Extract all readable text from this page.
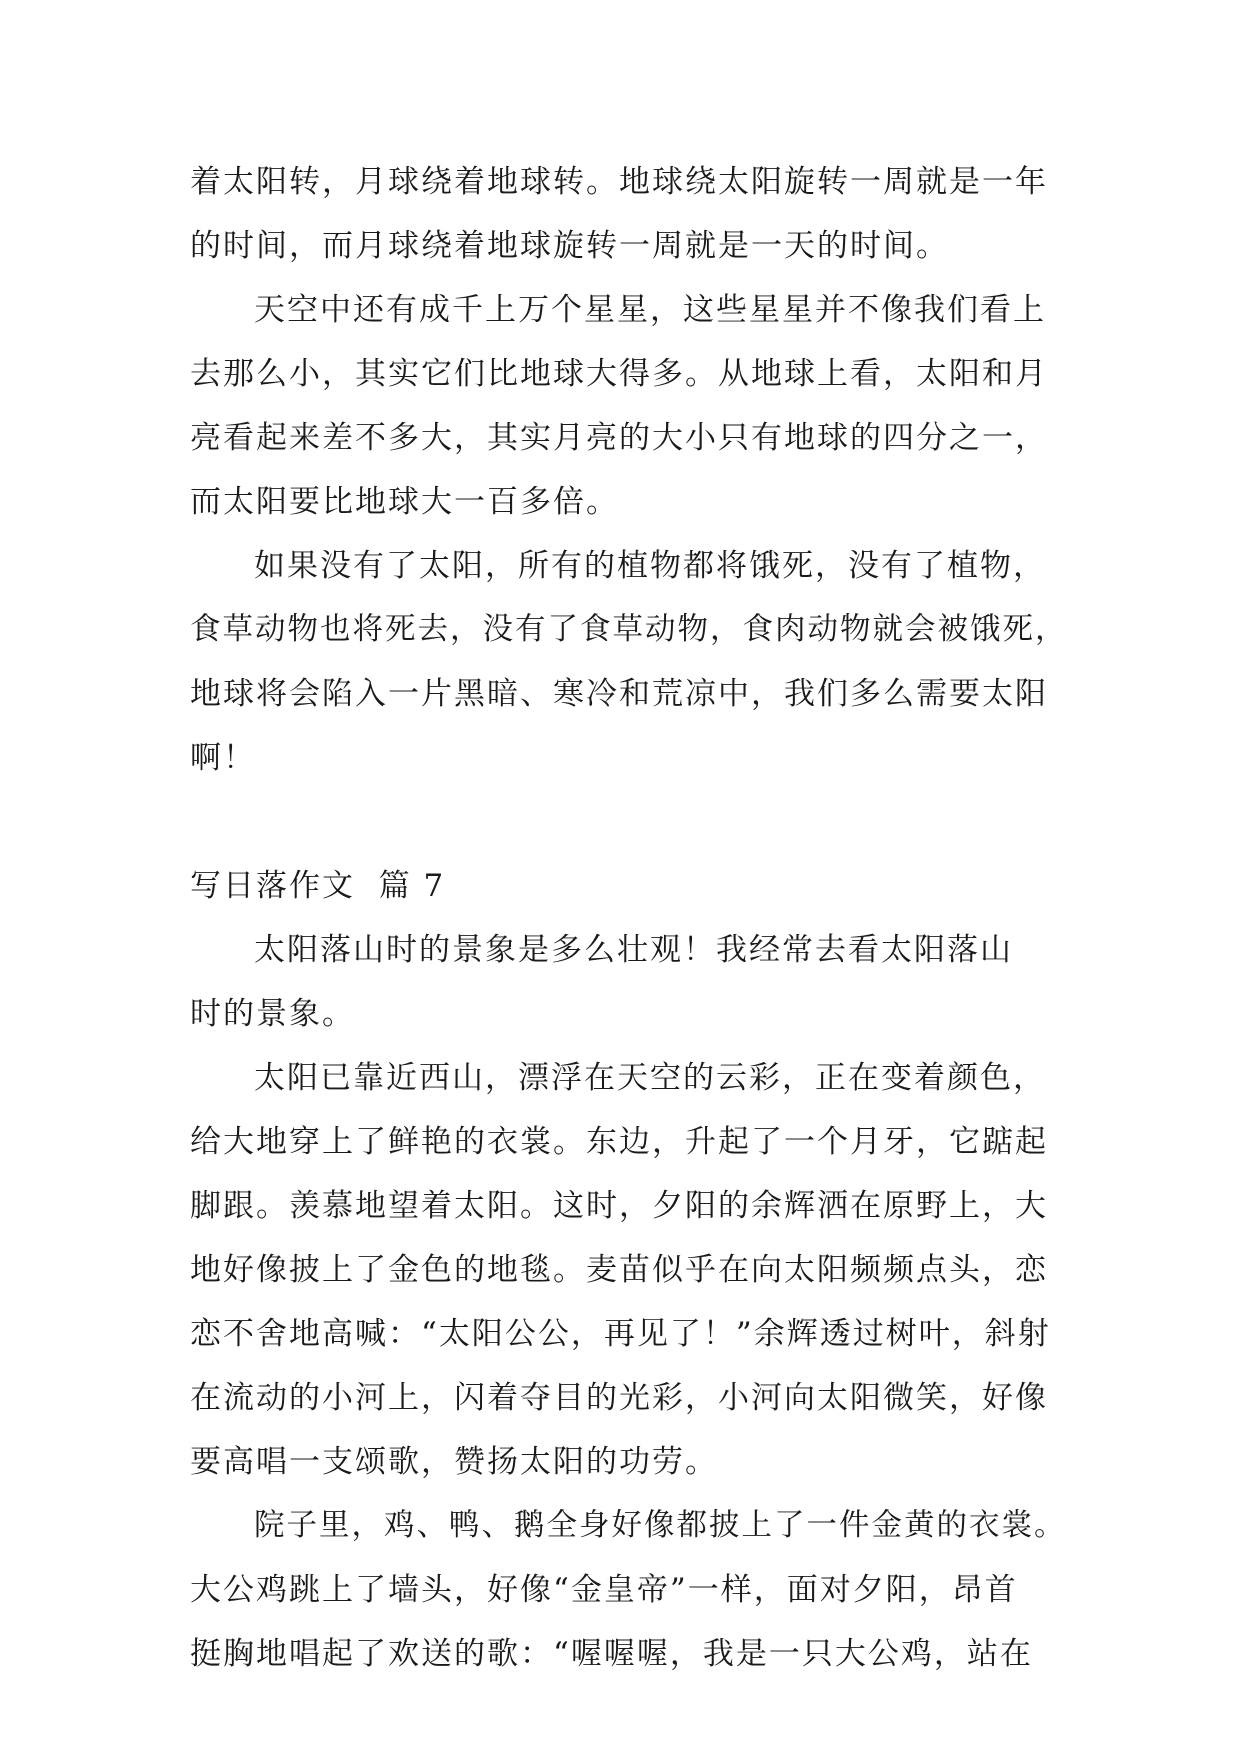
着太阳转，月球绕着地球转。地球绕太阳旋转一周就是一年

的时间，而月球绕着地球旋转一周就是一天的时间。

天空中还有成千上万个星星，这些星星并不像我们看上

去那么小，其实它们比地球大得多。从地球上看，太阳和月

亮看起来差不多大，其实月亮的大小只有地球的四分之一，

而太阳要比地球大一百多倍。

如果没有了太阳，所有的植物都将饿死，没有了植物，

食草动物也将死去，没有了食草动物，食肉动物就会被饿死，

地球将会陷入一片黑暗、寒冷和荒凉中，我们多么需要太阳

啊！

写日落作文  篇 7

太阳落山时的景象是多么壮观！我经常去看太阳落山

时的景象。

太阳已靠近西山，漂浮在天空的云彩，正在变着颜色，

给大地穿上了鲜艳的衣裳。东边，升起了一个月牙，它踮起

脚跟。羡慕地望着太阳。这时，夕阳的余辉洒在原野上，大

地好像披上了金色的地毯。麦苗似乎在向太阳频频点头，恋

恋不舍地高喊：“太阳公公，再见了！”余辉透过树叶，斜射

在流动的小河上，闪着夺目的光彩，小河向太阳微笑，好像

要高唱一支颂歌，赞扬太阳的功劳。

院子里，鸡、鸭、鹅全身好像都披上了一件金黄的衣裳。

大公鸡跳上了墙头，好像“金皇帝”一样，面对夕阳，昂首

挺胸地唱起了欢送的歌：“喔喔喔，我是一只大公鸡，站在
